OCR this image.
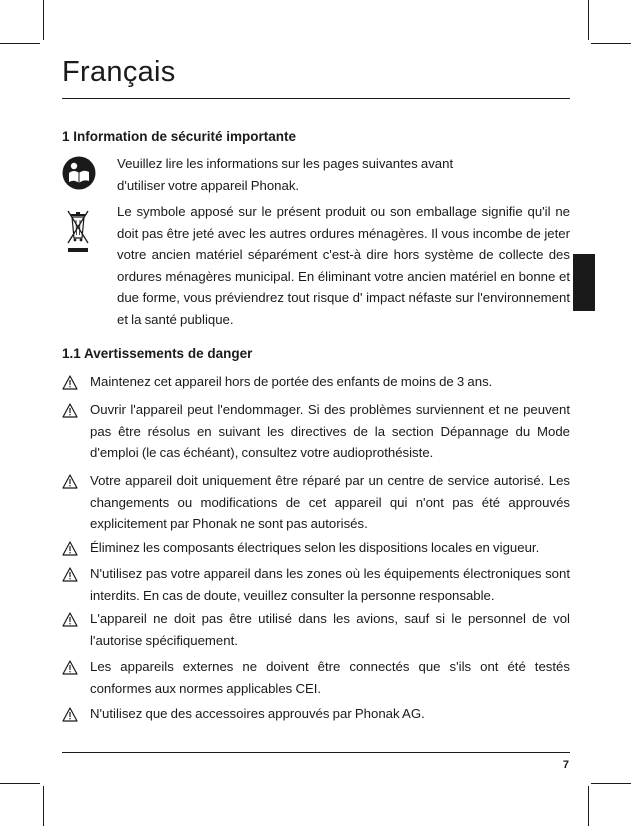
Français
1 Information de sécurité importante

Veuillez lire les informations sur les pages suivantes avant d'utiliser votre appareil Phonak.

Le symbole apposé sur le présent produit ou son emballage signifie qu'il ne doit pas être jeté avec les autres ordures ménagères. Il vous incombe de jeter votre ancien matériel séparément c'est-à dire hors système de collecte des ordures ménagères municipal. En éliminant votre ancien matériel en bonne et due forme, vous préviendrez tout risque d' impact néfaste sur l'environnement et la santé publique.

1.1 Avertissements de danger

Maintenez cet appareil hors de portée des enfants de moins de 3 ans.

Ouvrir l'appareil peut l'endommager. Si des problèmes surviennent et ne peuvent pas être résolus en suivant les directives de la section Dépannage du Mode d'emploi (le cas échéant), consultez votre audioprothésiste.

Votre appareil doit uniquement être réparé par un centre de service autorisé. Les changements ou modifications de cet appareil qui n'ont pas été approuvés explicitement par Phonak ne sont pas autorisés.

Éliminez les composants électriques selon les dispositions locales en vigueur.

N'utilisez pas votre appareil dans les zones où les équipements électroniques sont interdits. En cas de doute, veuillez consulter la personne responsable.

L'appareil ne doit pas être utilisé dans les avions, sauf si le personnel de vol l'autorise spécifiquement.

Les appareils externes ne doivent être connectés que s'ils ont été testés conformes aux normes applicables CEI.

N'utilisez que des accessoires approuvés par Phonak AG.

7
